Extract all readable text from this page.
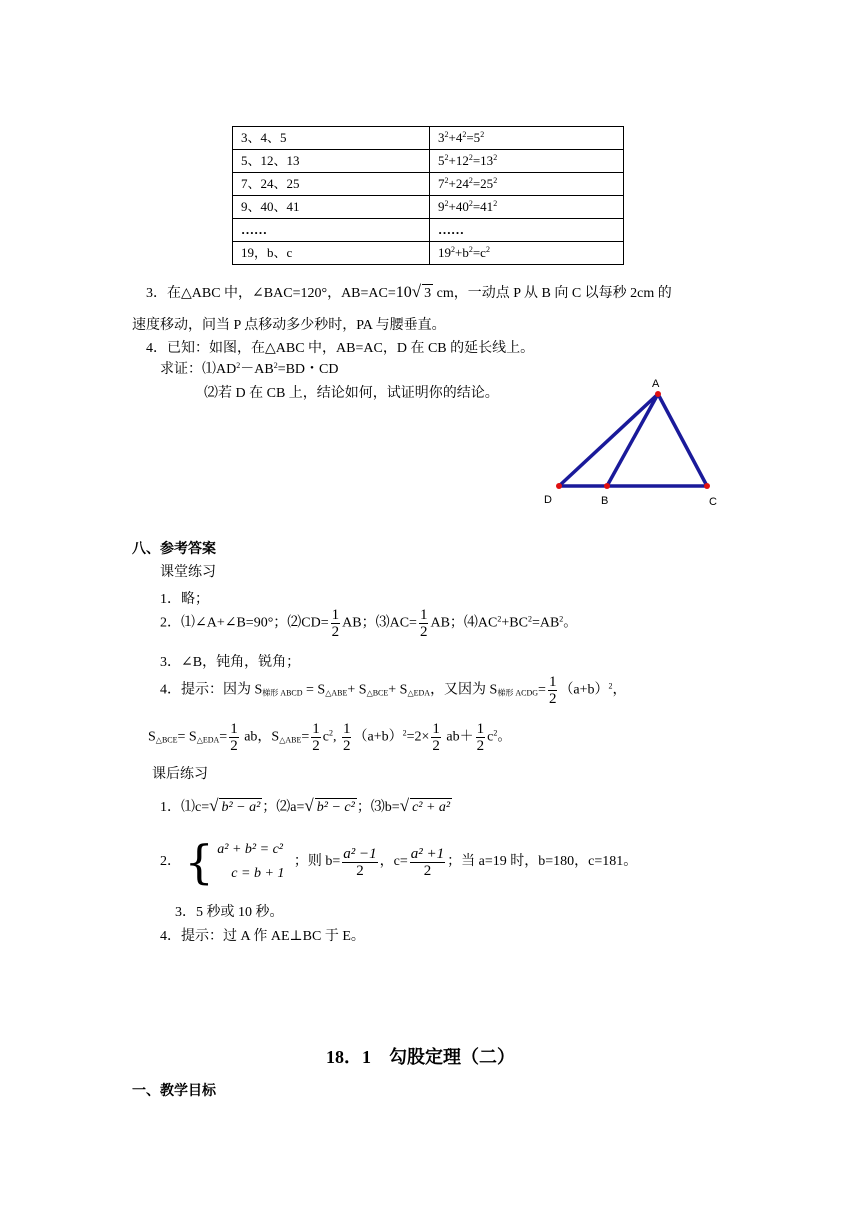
3、4、5	$3^2+4^2=5^2$
5、12、13	$5^2+12^2=13^2$
7、24、25	$7^2+24^2=25^2$
9、40、41	$9^2+40^2=41^2$
……	……
19，b、c	$19^2+b^2=c^2$
3．在△ABC 中，∠BAC=120°，AB=AC=10√ 3 cm，一动点 P 从 B 向 C 以每秒 2cm 的
速度移动，问当 P 点移动多少秒时，PA 与腰垂直。
4．已知：如图，在△ABC 中，AB=AC，D 在 CB 的延长线上。
求证：$⑴AD^2-AB^2=BD$・CD
⑵若 D 在 CB 上，结论如何，试证明你的结论。
A
D	B	C
八、参考答案
课堂练习
1．略；
2．⑴∠A+∠B=90°；⑵CD= $\frac{1}{2}$ AB；⑶AC= $\frac{1}{2}$ AB；$⑷AC^2+BC^2=AB^2$。
3．∠B，钝角，锐角；
4．提示：因为 $S_{梯形 ABCD} = S_{\triangle ABE}+ S_{\triangle BCE}+ S_{\triangle EDA}$，又因为 $S_{梯形 ACDG}= \frac{1}{2} (a+b)^2$，
$S_{\triangle BCE}= S_{\triangle EDA}= \frac{1}{2}$ ab，$S_{\triangle ABE}= \frac{1}{2} c^2$, $\frac{1}{2} (a+b)^2=2\times \frac{1}{2} ab+ \frac{1}{2} c^2$。
课后练习
1．⑴c=√ b² − a² ；⑵a=√ b² − c² ；⑶b=√ c² + a²
2． { a² + b² = c²
c = b + 1
；则 $b= \frac{\text{a² −1}}{2}$ ，$c= \frac{\text{a² +1}}{2}$ ；当 a=19 时，b=180，c=181。
3．5 秒或 10 秒。
4．提示：过 A 作 AE⊥BC 于 E。
18．1　勾股定理（二）
一、教学目标
